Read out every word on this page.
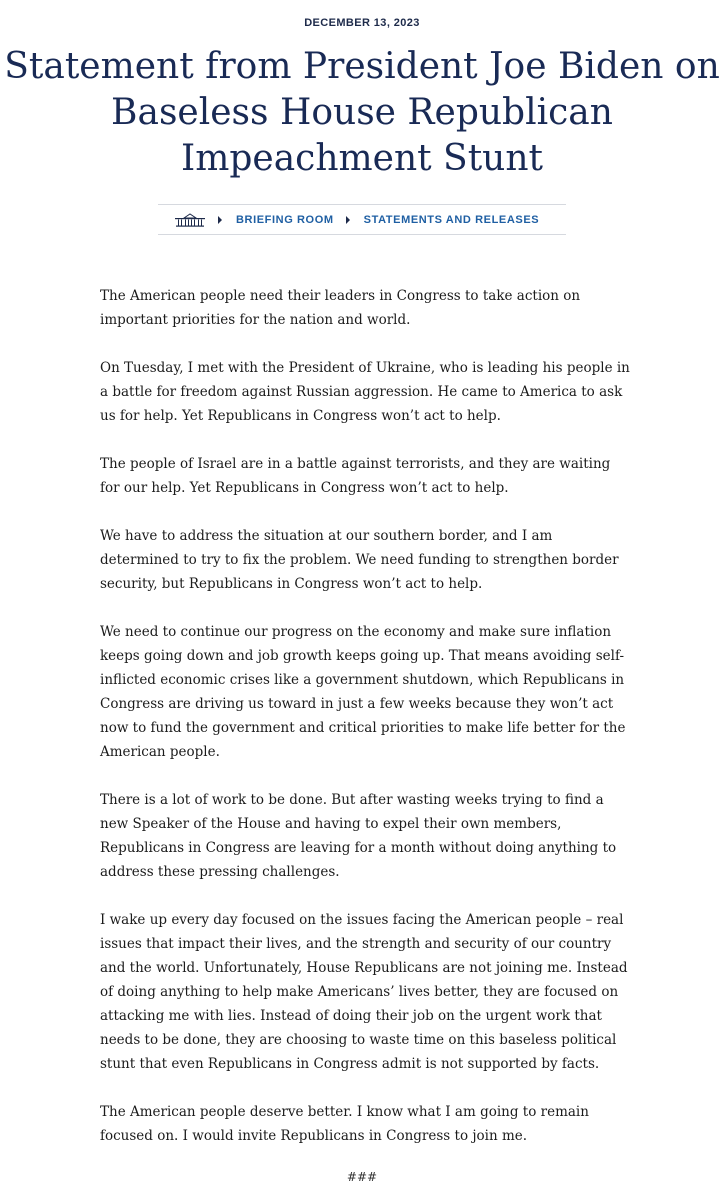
DECEMBER 13, 2023
Statement from President Joe Biden on Baseless House Republican Impeachment Stunt
BRIEFING ROOM	STATEMENTS AND RELEASES

The American people need their leaders in Congress to take action on important priorities for the nation and world.

On Tuesday, I met with the President of Ukraine, who is leading his people in a battle for freedom against Russian aggression. He came to America to ask us for help. Yet Republicans in Congress won’t act to help.

The people of Israel are in a battle against terrorists, and they are waiting for our help. Yet Republicans in Congress won’t act to help.

We have to address the situation at our southern border, and I am determined to try to fix the problem. We need funding to strengthen border security, but Republicans in Congress won’t act to help.

We need to continue our progress on the economy and make sure inflation keeps going down and job growth keeps going up. That means avoiding self-inflicted economic crises like a government shutdown, which Republicans in Congress are driving us toward in just a few weeks because they won’t act now to fund the government and critical priorities to make life better for the American people.

There is a lot of work to be done. But after wasting weeks trying to find a new Speaker of the House and having to expel their own members, Republicans in Congress are leaving for a month without doing anything to address these pressing challenges.

I wake up every day focused on the issues facing the American people – real issues that impact their lives, and the strength and security of our country and the world. Unfortunately, House Republicans are not joining me. Instead of doing anything to help make Americans’ lives better, they are focused on attacking me with lies. Instead of doing their job on the urgent work that needs to be done, they are choosing to waste time on this baseless political stunt that even Republicans in Congress admit is not supported by facts.

The American people deserve better. I know what I am going to remain focused on. I would invite Republicans in Congress to join me.

###
